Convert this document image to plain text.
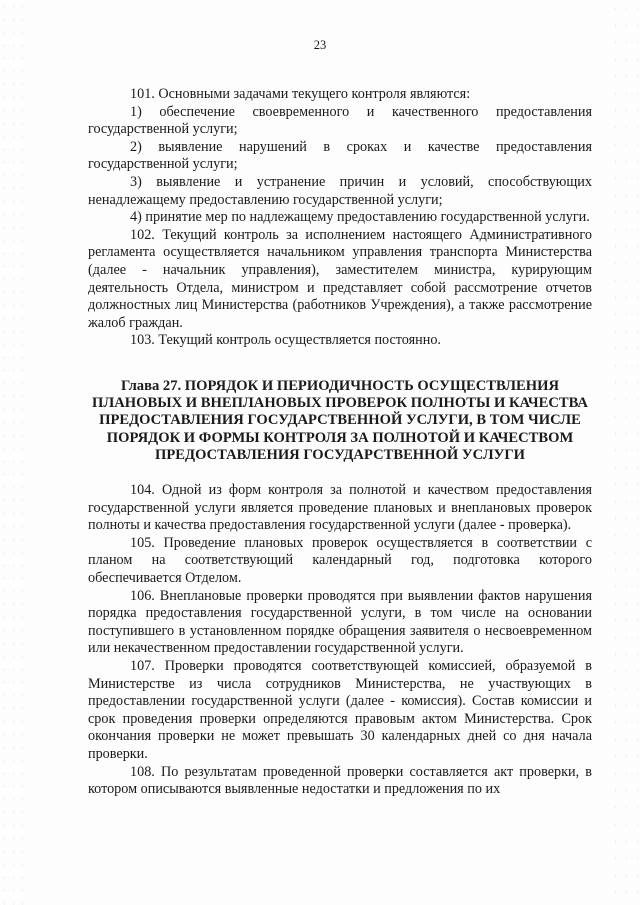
23

101. Основными задачами текущего контроля являются:

1) обеспечение своевременного и качественного предоставления государственной услуги;

2) выявление нарушений в сроках и качестве предоставления государственной услуги;

3) выявление и устранение причин и условий, способствующих ненадлежащему предоставлению государственной услуги;

4) принятие мер по надлежащему предоставлению государственной услуги.

102. Текущий контроль за исполнением настоящего Административного регламента осуществляется начальником управления транспорта Министерства (далее - начальник управления), заместителем министра, курирующим деятельность Отдела, министром и представляет собой рассмотрение отчетов должностных лиц Министерства (работников Учреждения), а также рассмотрение жалоб граждан.

103. Текущий контроль осуществляется постоянно.

Глава 27. ПОРЯДОК И ПЕРИОДИЧНОСТЬ ОСУЩЕСТВЛЕНИЯ ПЛАНОВЫХ И ВНЕПЛАНОВЫХ ПРОВЕРОК ПОЛНОТЫ И КАЧЕСТВА ПРЕДОСТАВЛЕНИЯ ГОСУДАРСТВЕННОЙ УСЛУГИ, В ТОМ ЧИСЛЕ ПОРЯДОК И ФОРМЫ КОНТРОЛЯ ЗА ПОЛНОТОЙ И КАЧЕСТВОМ ПРЕДОСТАВЛЕНИЯ ГОСУДАРСТВЕННОЙ УСЛУГИ

104. Одной из форм контроля за полнотой и качеством предоставления государственной услуги является проведение плановых и внеплановых проверок полноты и качества предоставления государственной услуги (далее - проверка).

105. Проведение плановых проверок осуществляется в соответствии с планом на соответствующий календарный год, подготовка которого обеспечивается Отделом.

106. Внеплановые проверки проводятся при выявлении фактов нарушения порядка предоставления государственной услуги, в том числе на основании поступившего в установленном порядке обращения заявителя о несвоевременном или некачественном предоставлении государственной услуги.

107. Проверки проводятся соответствующей комиссией, образуемой в Министерстве из числа сотрудников Министерства, не участвующих в предоставлении государственной услуги (далее - комиссия). Состав комиссии и срок проведения проверки определяются правовым актом Министерства. Срок окончания проверки не может превышать 30 календарных дней со дня начала проверки.

108. По результатам проведенной проверки составляется акт проверки, в котором описываются выявленные недостатки и предложения по их
